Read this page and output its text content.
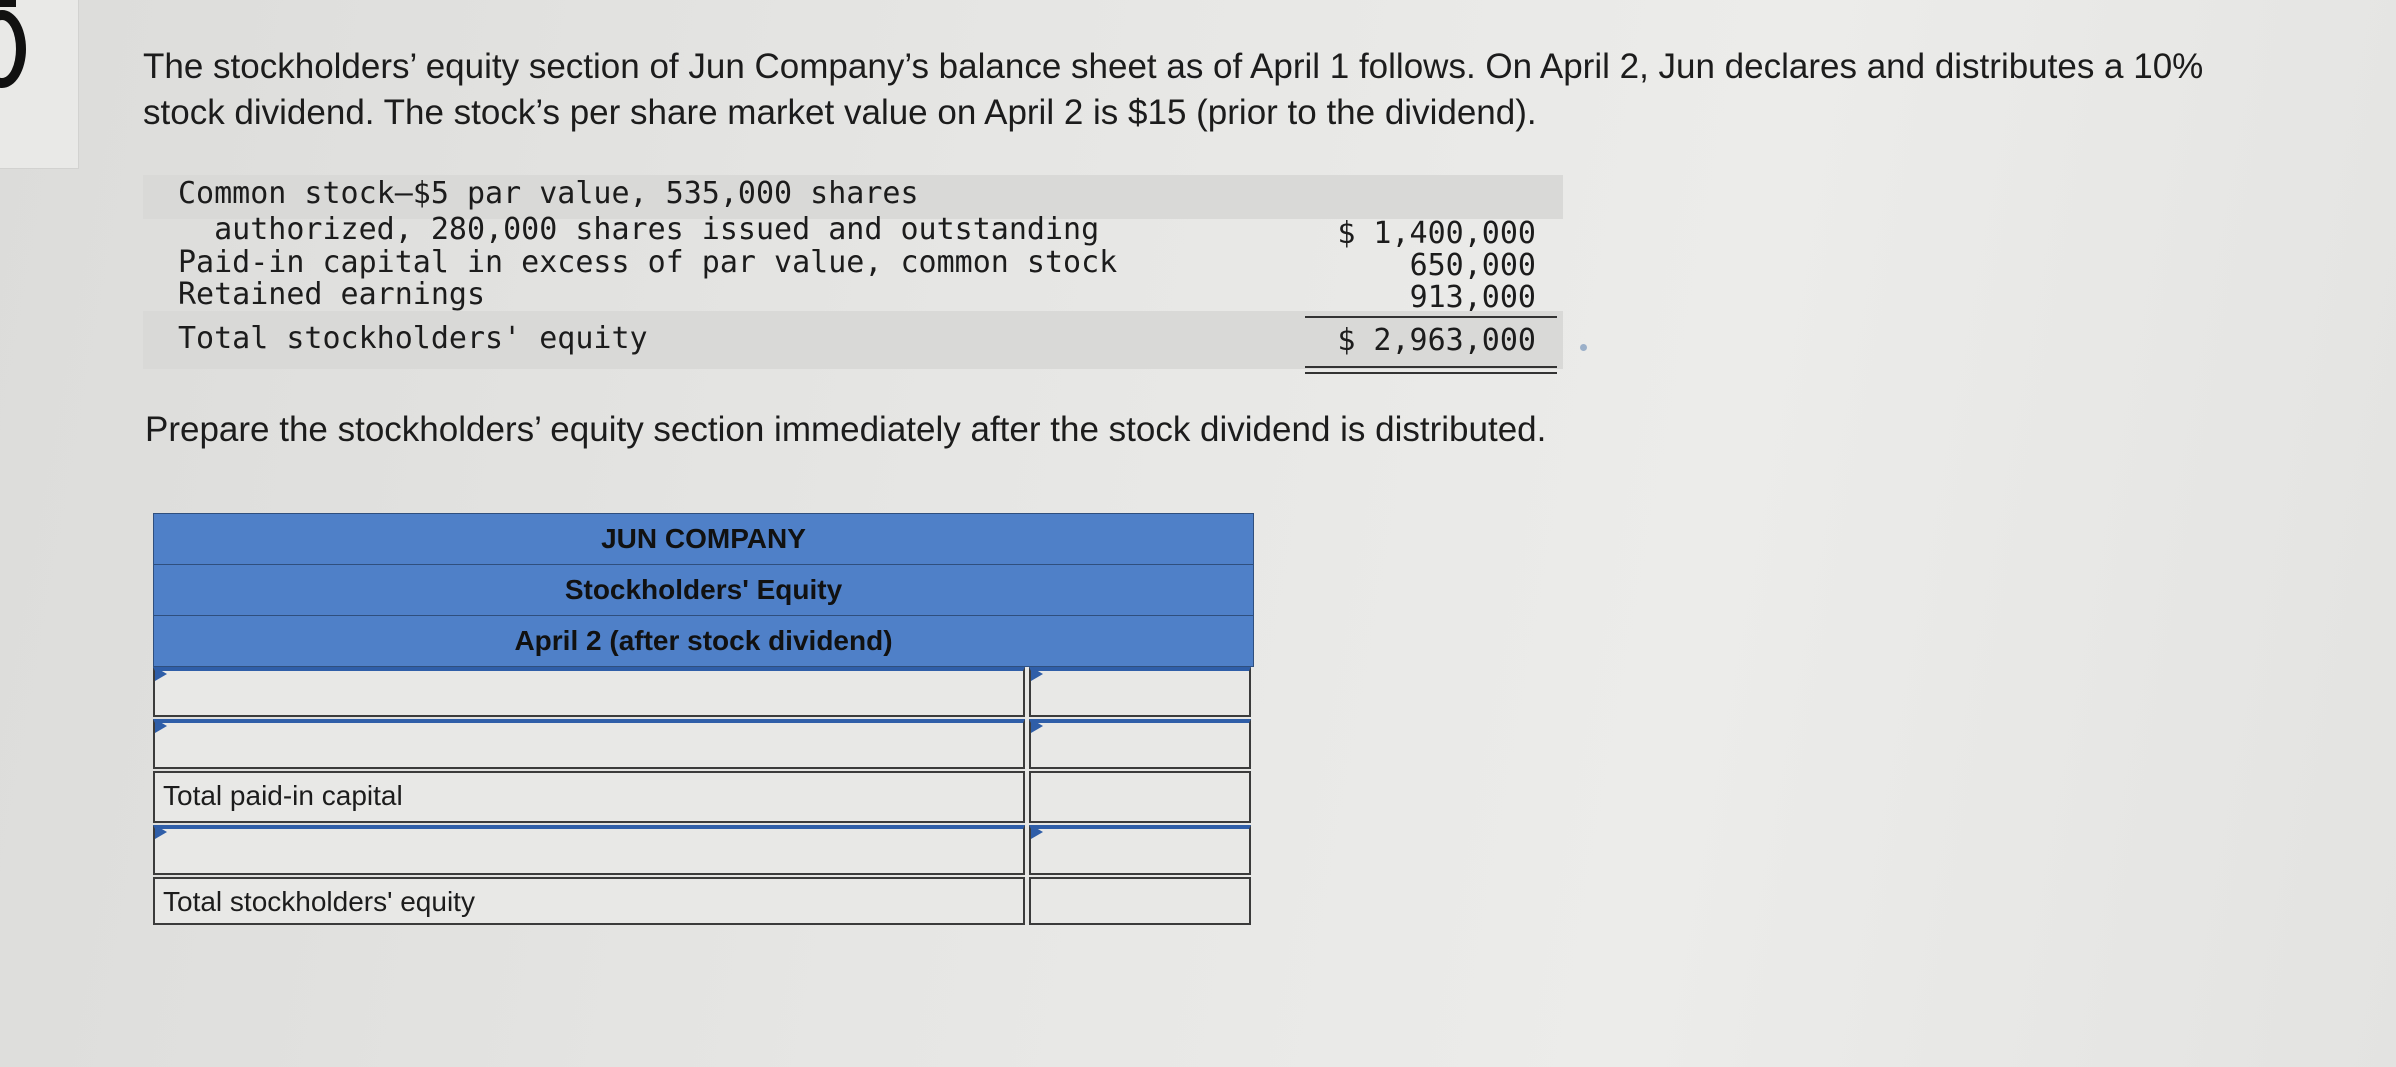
The stockholders’ equity section of Jun Company’s balance sheet as of April 1 follows. On April 2, Jun declares and distributes a 10% stock dividend. The stock’s per share market value on April 2 is $15 (prior to the dividend).

Common stock—$5 par value, 535,000 shares
authorized, 280,000 shares issued and outstanding
Paid-in capital in excess of par value, common stock
Retained earnings
Total stockholders' equity
$ 1,400,000
650,000
913,000
$ 2,963,000

Prepare the stockholders’ equity section immediately after the stock dividend is distributed.

JUN COMPANY
Stockholders' Equity
April 2 (after stock dividend)
Total paid-in capital
Total stockholders' equity
